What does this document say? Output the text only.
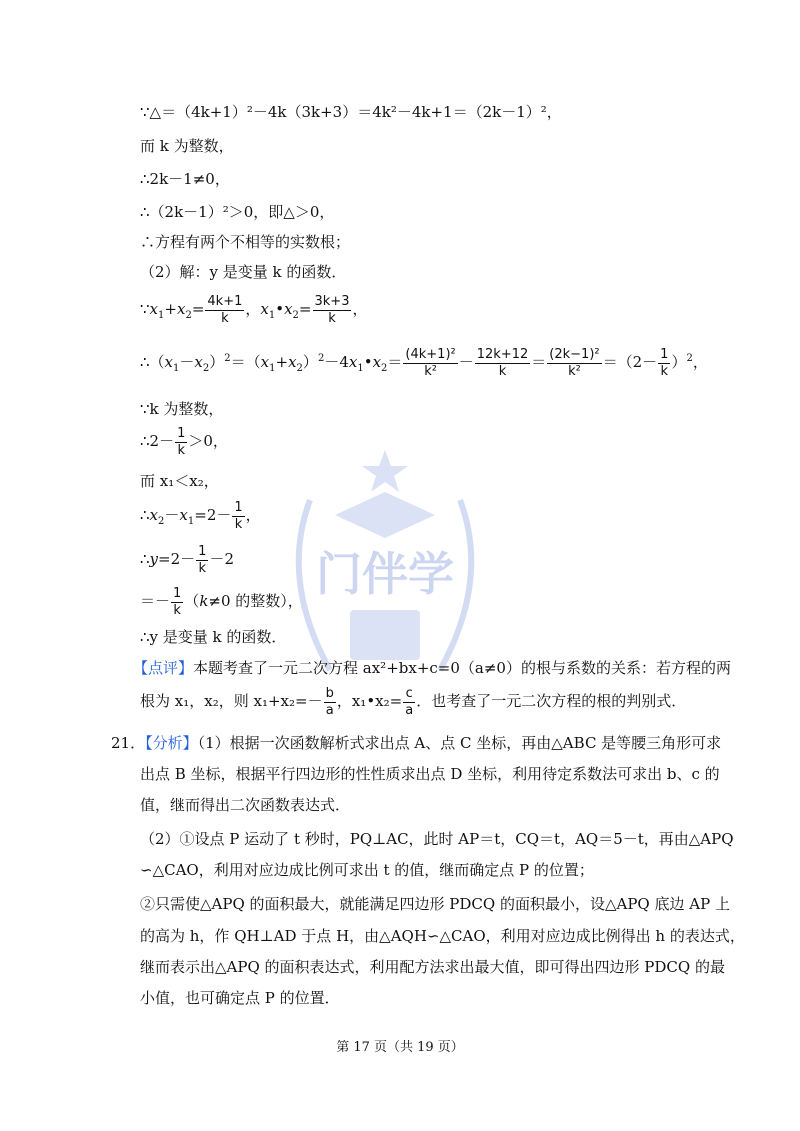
门伴学
∵△＝（4k+1）²－4k（3k+3）＝4k²－4k+1＝（2k－1）²，
而 k 为整数，
∴2k－1≠0，
∴（2k－1）²＞0，即△＞0，
∴方程有两个不相等的实数根；
（2）解：y 是变量 k 的函数．
$\because x_1+x_2= \frac{4k+1}{k}$ ，$x_1•x_2= \frac{3k+3}{k}$ ，
$\therefore(x_1-x_2)^2=(x_1+x_2)^2-4x_1•x_2= \frac{\text{(4k+1)²}}{\text{k²}} - \frac{12k+12}{k} = \frac{\text{(2k−1)²}}{\text{k²}} =(2- \frac{1}{k} )^2$，
∵k 为整数，
∴2－ $\frac{1}{k} >0$，
而 x₁＜x₂，
$\therefore x_2-x_1=2- \frac{1}{k}$ ，
∴y=2－ $\frac{1}{k} -2$
＝－ $\frac{1}{k} (k\ne 0$ 的整数），
∴y 是变量 k 的函数．
【点评】本题考查了一元二次方程 ax²+bx+c=0（a≠0）的根与系数的关系：若方程的两
根为 x₁，x₂，则 $x_1+x_2=- \frac{b}{a}$ ，x₁•x₂= $\frac{c}{a}$ ．也考查了一元二次方程的根的判别式．
21．【分析】（1）根据一次函数解析式求出点 A、点 C 坐标，再由△ABC 是等腰三角形可求
出点 B 坐标，根据平行四边形的性性质求出点 D 坐标，利用待定系数法可求出 b、c 的
值，继而得出二次函数表达式．
（2）①设点 P 运动了 t 秒时，PQ⊥AC，此时 AP＝t，CQ＝t，AQ＝5－t，再由△APQ
∽△CAO，利用对应边成比例可求出 t 的值，继而确定点 P 的位置；
②只需使△APQ 的面积最大，就能满足四边形 PDCQ 的面积最小，设△APQ 底边 AP 上
的高为 h，作 QH⊥AD 于点 H，由△AQH∽△CAO，利用对应边成比例得出 h 的表达式，
继而表示出△APQ 的面积表达式，利用配方法求出最大值，即可得出四边形 PDCQ 的最
小值，也可确定点 P 的位置．
第 17 页（共 19 页）
